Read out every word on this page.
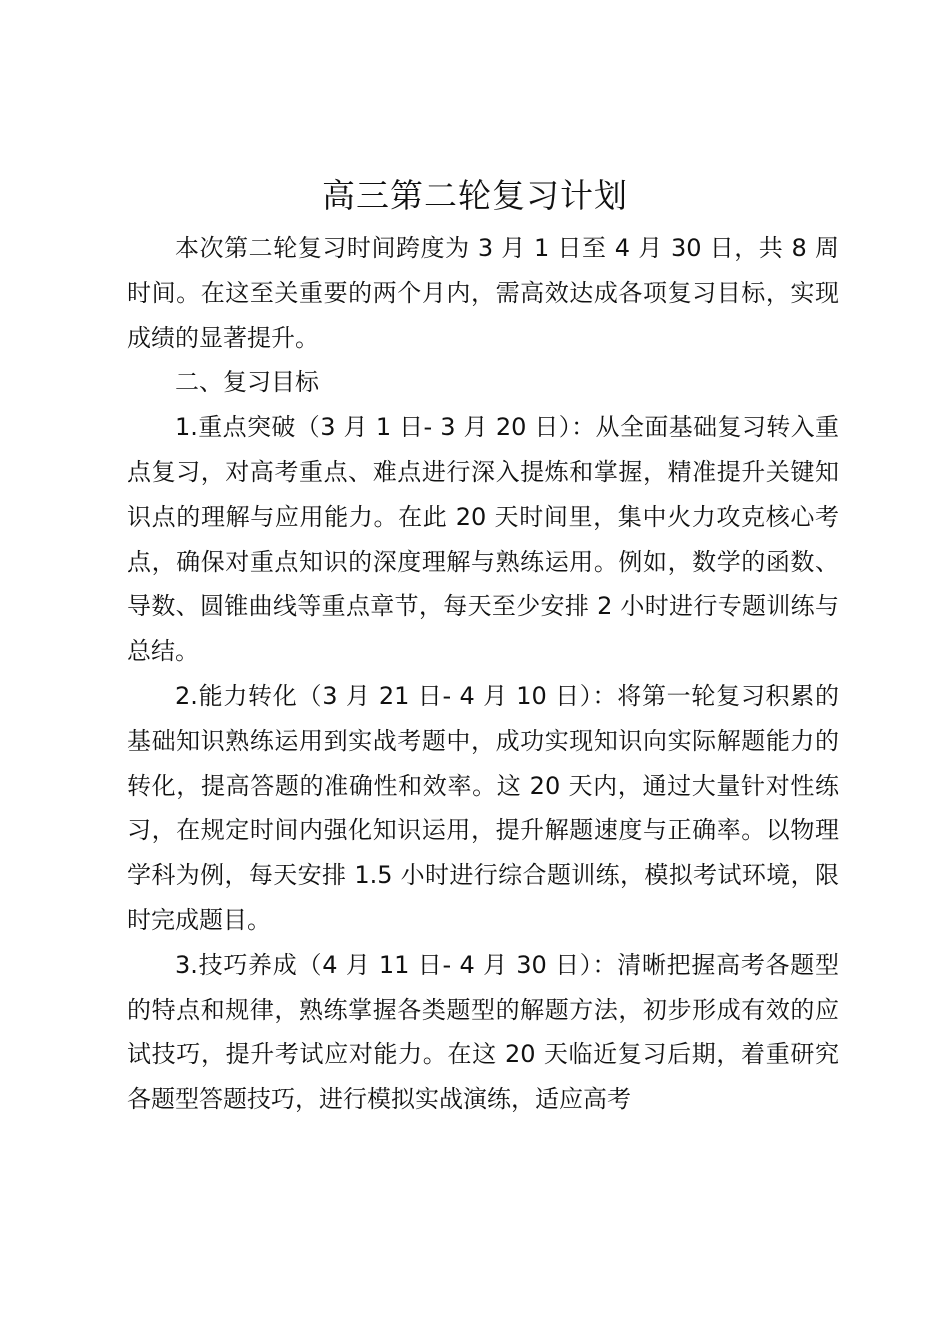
高三第二轮复习计划

本次第二轮复习时间跨度为 3 月 1 日至 4 月 30 日，共 8 周时间。在这至关重要的两个月内，需高效达成各项复习目标，实现成绩的显著提升。

二、复习目标

1.重点突破（3 月 1 日- 3 月 20 日）：从全面基础复习转入重点复习，对高考重点、难点进行深入提炼和掌握，精准提升关键知识点的理解与应用能力。在此 20 天时间里，集中火力攻克核心考点，确保对重点知识的深度理解与熟练运用。例如，数学的函数、导数、圆锥曲线等重点章节，每天至少安排 2 小时进行专题训练与总结。

2.能力转化（3 月 21 日- 4 月 10 日）：将第一轮复习积累的基础知识熟练运用到实战考题中，成功实现知识向实际解题能力的转化，提高答题的准确性和效率。这 20 天内，通过大量针对性练习，在规定时间内强化知识运用，提升解题速度与正确率。以物理学科为例，每天安排 1.5 小时进行综合题训练，模拟考试环境，限时完成题目。

3.技巧养成（4 月 11 日- 4 月 30 日）：清晰把握高考各题型的特点和规律，熟练掌握各类题型的解题方法，初步形成有效的应试技巧，提升考试应对能力。在这 20 天临近复习后期，着重研究各题型答题技巧，进行模拟实战演练，适应高考
